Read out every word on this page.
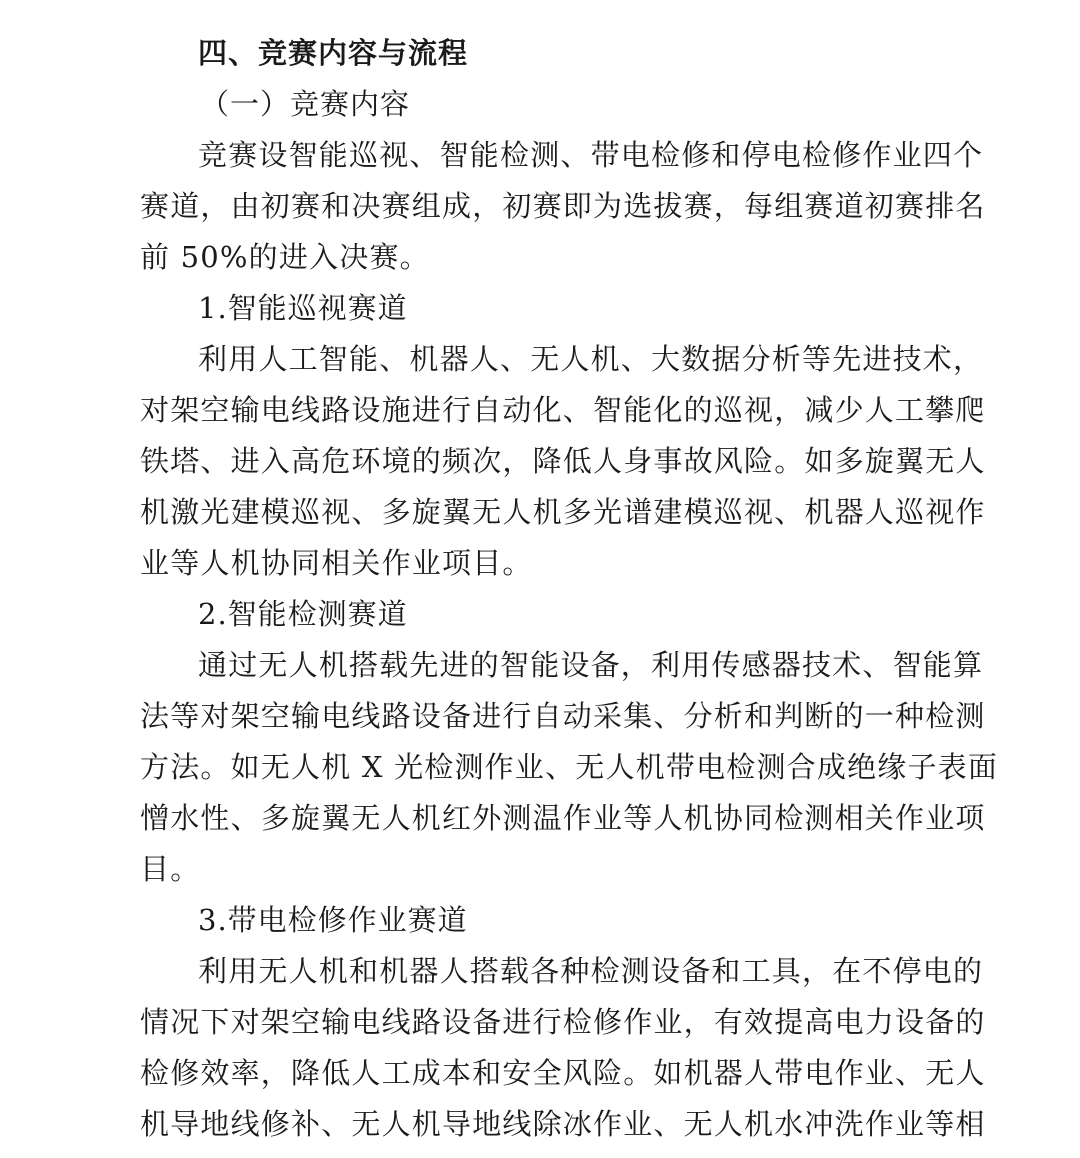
四、竞赛内容与流程
（一）竞赛内容
竞赛设智能巡视、智能检测、带电检修和停电检修作业四个
赛道，由初赛和决赛组成，初赛即为选拔赛，每组赛道初赛排名
前 50%的进入决赛。
1.智能巡视赛道
利用人工智能、机器人、无人机、大数据分析等先进技术，
对架空输电线路设施进行自动化、智能化的巡视，减少人工攀爬
铁塔、进入高危环境的频次，降低人身事故风险。如多旋翼无人
机激光建模巡视、多旋翼无人机多光谱建模巡视、机器人巡视作
业等人机协同相关作业项目。
2.智能检测赛道
通过无人机搭载先进的智能设备，利用传感器技术、智能算
法等对架空输电线路设备进行自动采集、分析和判断的一种检测
方法。如无人机 X 光检测作业、无人机带电检测合成绝缘子表面
憎水性、多旋翼无人机红外测温作业等人机协同检测相关作业项
目。
3.带电检修作业赛道
利用无人机和机器人搭载各种检测设备和工具，在不停电的
情况下对架空输电线路设备进行检修作业，有效提高电力设备的
检修效率，降低人工成本和安全风险。如机器人带电作业、无人
机导地线修补、无人机导地线除冰作业、无人机水冲洗作业等相
